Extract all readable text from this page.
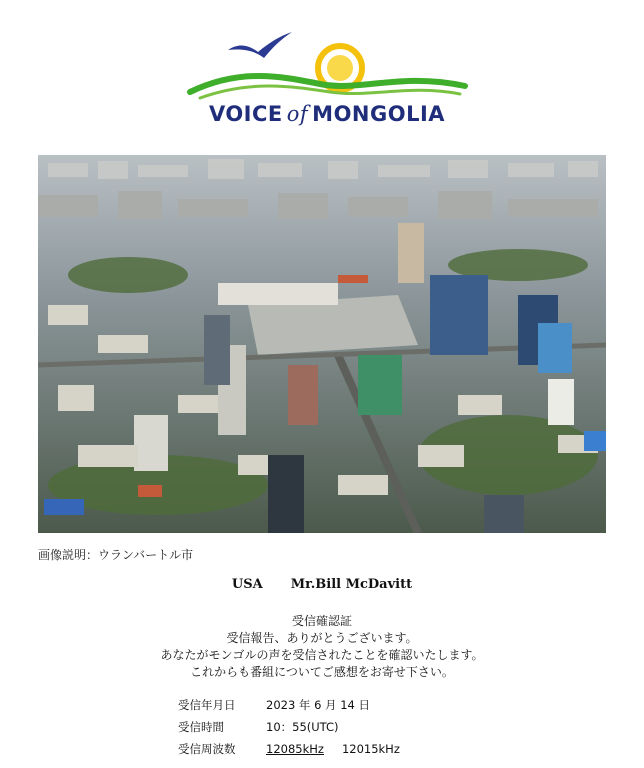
VOICE of MONGOLIA
画像説明：ウランバートル市
USA Mr.Bill McDavitt
受信確認証
受信報告、ありがとうございます。
あなたがモンゴルの声を受信されたことを確認いたします。
これからも番組についてご感想をお寄せ下さい。
受信年月日	2023 年 6 月 14 日
受信時間	10：55(UTC)
受信周波数	12085kHz 12015kHz
